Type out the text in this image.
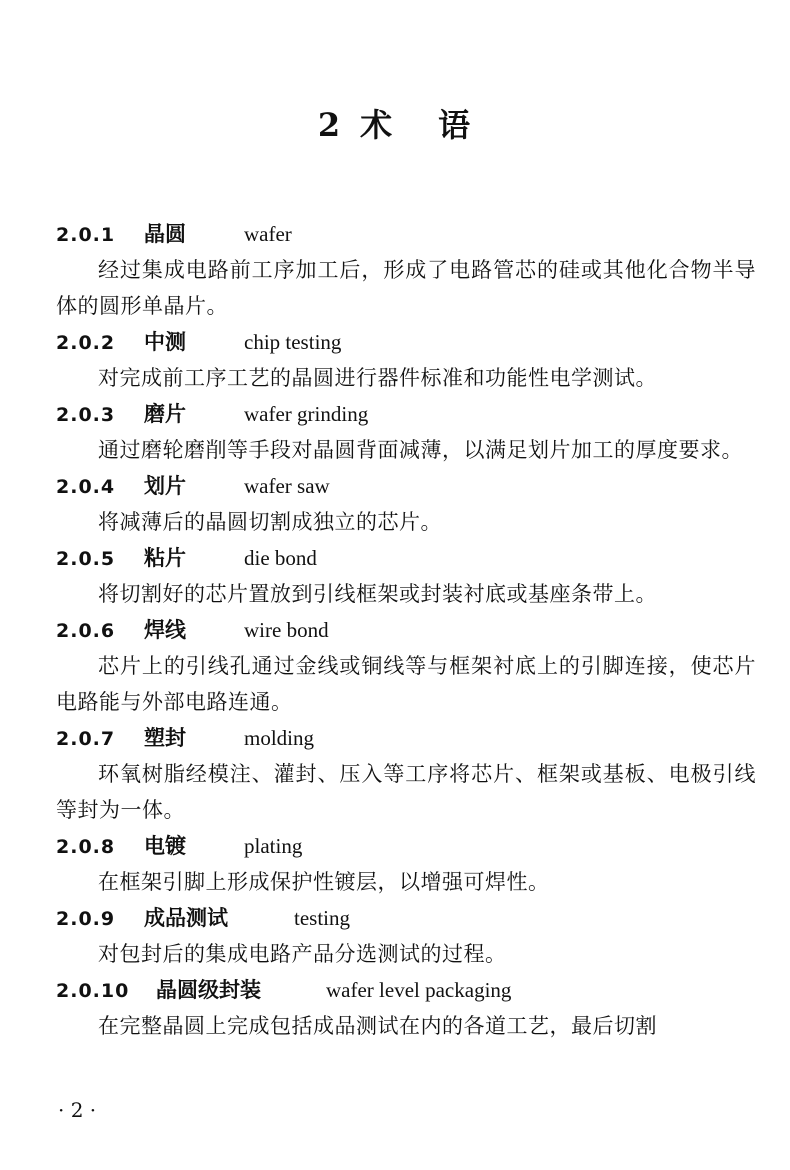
2 术 语
2.0.1 晶圆	wafer

经过集成电路前工序加工后，形成了电路管芯的硅或其他化合物半导体的圆形单晶片。

2.0.2 中测	chip testing

对完成前工序工艺的晶圆进行器件标准和功能性电学测试。

2.0.3 磨片	wafer grinding

通过磨轮磨削等手段对晶圆背面减薄，以满足划片加工的厚度要求。

2.0.4 划片	wafer saw

将减薄后的晶圆切割成独立的芯片。

2.0.5 粘片	die bond

将切割好的芯片置放到引线框架或封装衬底或基座条带上。

2.0.6 焊线	wire bond

芯片上的引线孔通过金线或铜线等与框架衬底上的引脚连接，使芯片电路能与外部电路连通。

2.0.7 塑封	molding

环氧树脂经模注、灌封、压入等工序将芯片、框架或基板、电极引线等封为一体。

2.0.8 电镀	plating

在框架引脚上形成保护性镀层，以增强可焊性。

2.0.9 成品测试	testing

对包封后的集成电路产品分选测试的过程。

2.0.10 晶圆级封装	wafer level packaging

在完整晶圆上完成包括成品测试在内的各道工艺，最后切割

· 2 ·
